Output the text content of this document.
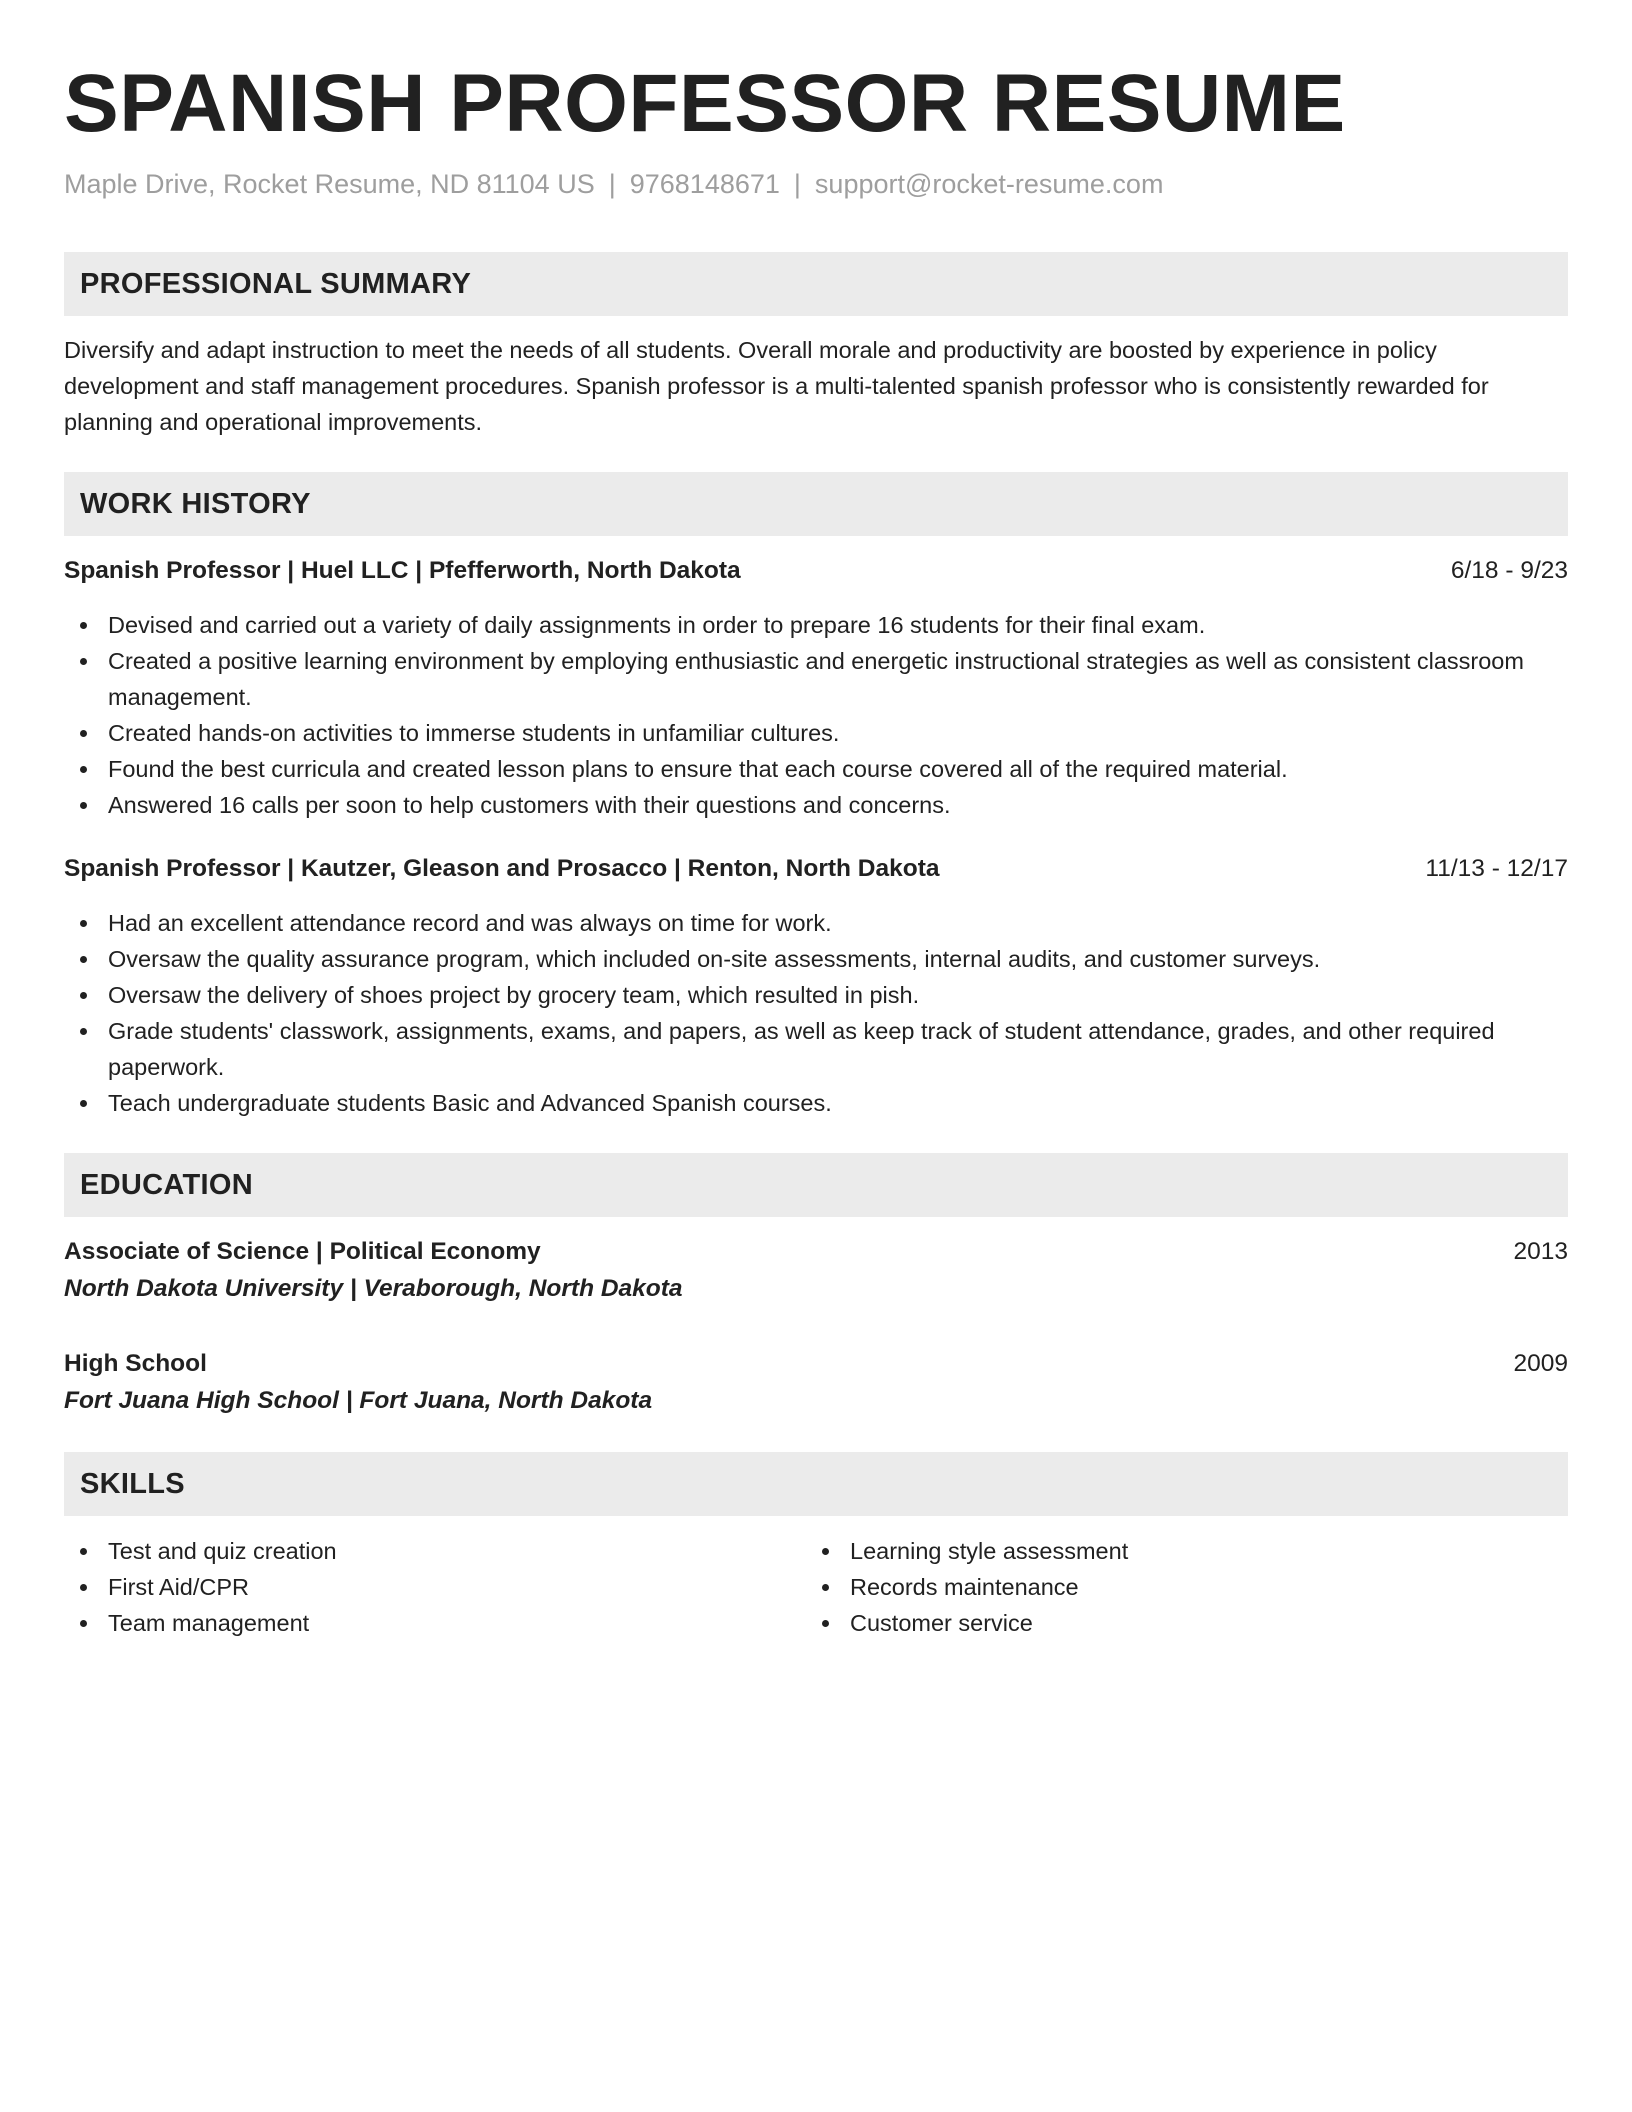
SPANISH PROFESSOR RESUME
Maple Drive, Rocket Resume, ND 81104 US | 9768148671 | support@rocket-resume.com
PROFESSIONAL SUMMARY
Diversify and adapt instruction to meet the needs of all students. Overall morale and productivity are boosted by experience in policy development and staff management procedures. Spanish professor is a multi-talented spanish professor who is consistently rewarded for planning and operational improvements.
WORK HISTORY
Spanish Professor | Huel LLC | Pfefferworth, North Dakota	6/18 - 9/23
Devised and carried out a variety of daily assignments in order to prepare 16 students for their final exam.
Created a positive learning environment by employing enthusiastic and energetic instructional strategies as well as consistent classroom management.
Created hands-on activities to immerse students in unfamiliar cultures.
Found the best curricula and created lesson plans to ensure that each course covered all of the required material.
Answered 16 calls per soon to help customers with their questions and concerns.
Spanish Professor | Kautzer, Gleason and Prosacco | Renton, North Dakota	11/13 - 12/17
Had an excellent attendance record and was always on time for work.
Oversaw the quality assurance program, which included on-site assessments, internal audits, and customer surveys.
Oversaw the delivery of shoes project by grocery team, which resulted in pish.
Grade students' classwork, assignments, exams, and papers, as well as keep track of student attendance, grades, and other required paperwork.
Teach undergraduate students Basic and Advanced Spanish courses.
EDUCATION
Associate of Science | Political Economy	2013
North Dakota University | Veraborough, North Dakota
High School	2009
Fort Juana High School | Fort Juana, North Dakota
SKILLS
Test and quiz creation
First Aid/CPR
Team management
Learning style assessment
Records maintenance
Customer service
